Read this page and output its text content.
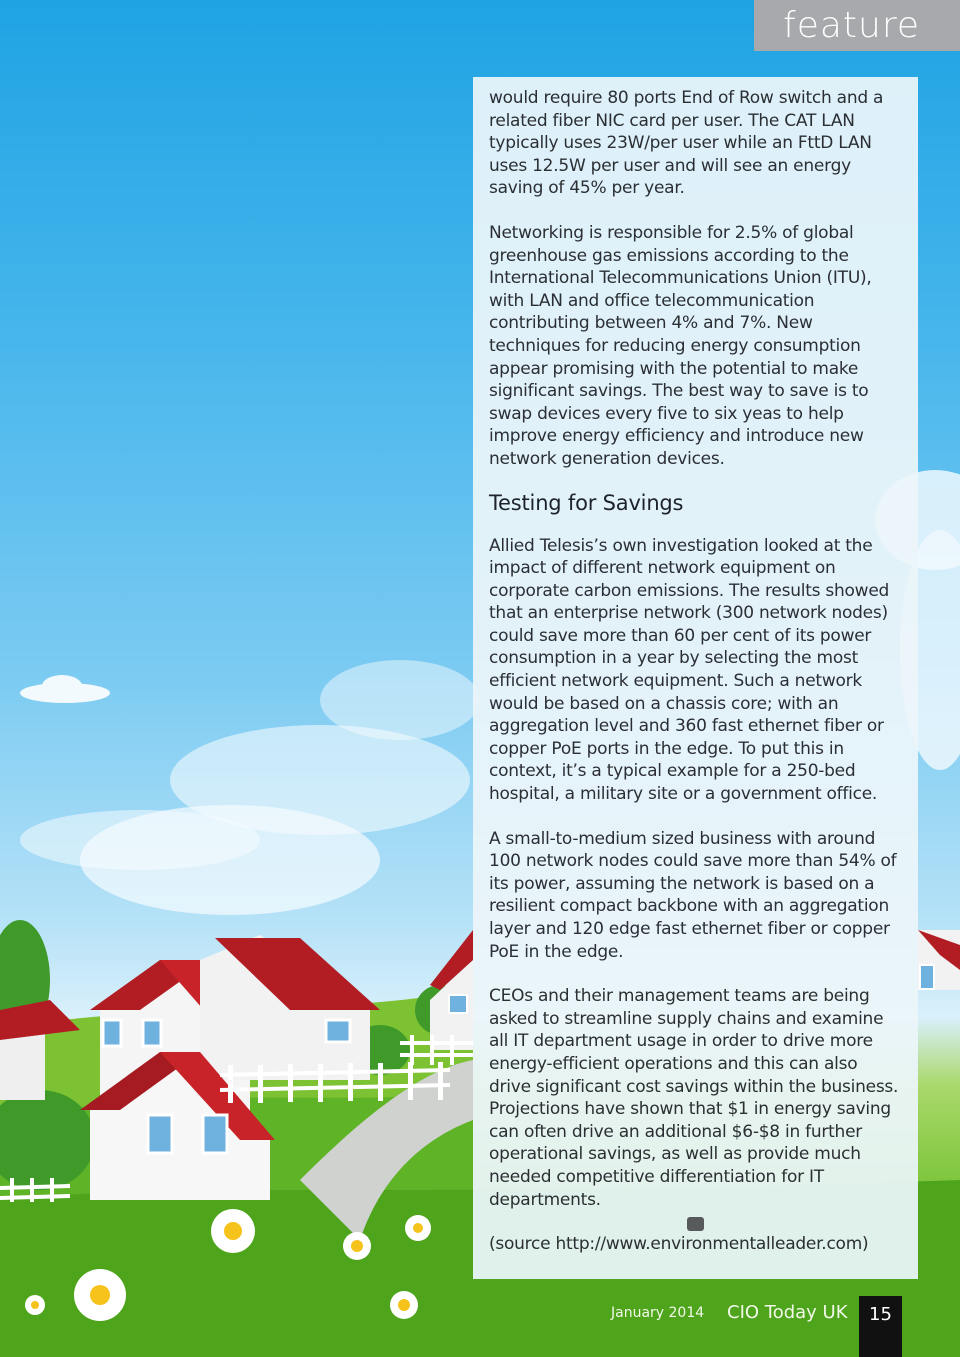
feature

would require 80 ports End of Row switch and a related fiber NIC card per user. The CAT LAN typically uses 23W/per user while an FttD LAN uses 12.5W per user and will see an energy saving of 45% per year.

Networking is responsible for 2.5% of global greenhouse gas emissions according to the International Telecommunications Union (ITU), with LAN and office telecommunication contributing between 4% and 7%. New techniques for reducing energy consumption appear promising with the potential to make significant savings. The best way to save is to swap devices every five to six yeas to help improve energy efficiency and introduce new network generation devices.

Testing for Savings

Allied Telesis’s own investigation looked at the impact of different network equipment on corporate carbon emissions. The results showed that an enterprise network (300 network nodes) could save more than 60 per cent of its power consumption in a year by selecting the most efficient network equipment. Such a network would be based on a chassis core; with an aggregation level and 360 fast ethernet fiber or copper PoE ports in the edge. To put this in context, it’s a typical example for a 250-bed hospital, a military site or a government office.

A small-to-medium sized business with around 100 network nodes could save more than 54% of its power, assuming the network is based on a resilient compact backbone with an aggregation layer and 120 edge fast ethernet fiber or copper PoE in the edge.

CEOs and their management teams are being asked to streamline supply chains and examine all IT department usage in order to drive more energy-efficient operations and this can also drive significant cost savings within the business. Projections have shown that $1 in energy saving can often drive an additional $6-$8 in further operational savings, as well as provide much needed competitive differentiation for IT departments.

(source http://www.environmentalleader.com)

January 2014 CIO Today UK	15
